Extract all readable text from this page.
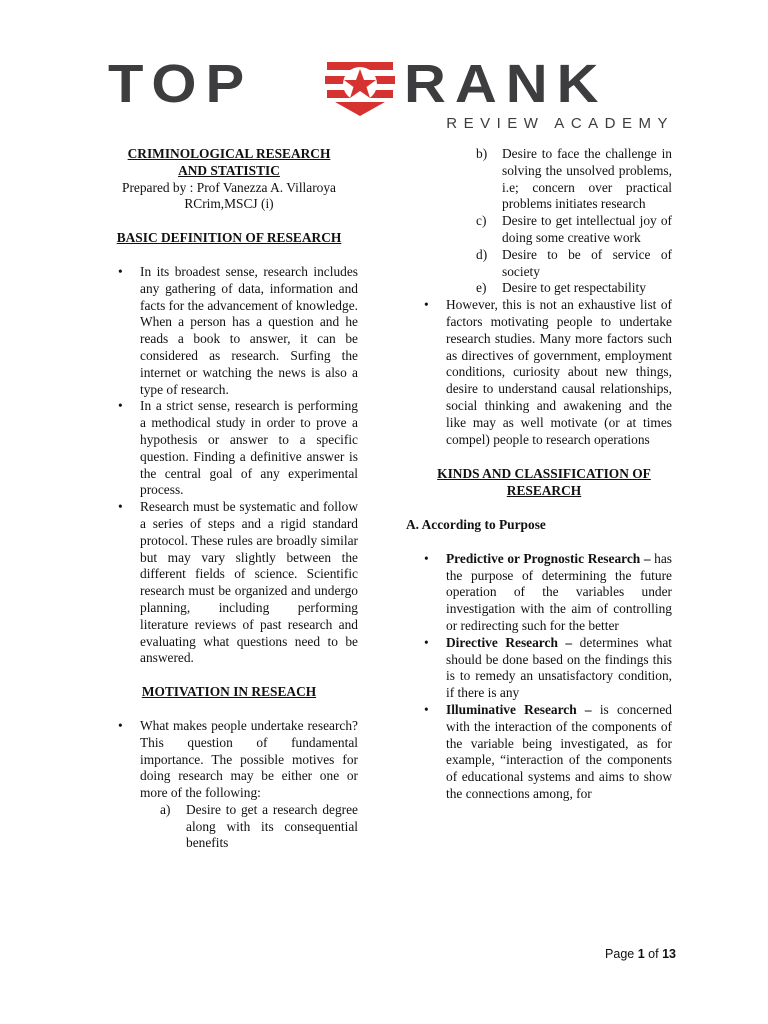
TOP	RANK
REVIEW ACADEMY
CRIMINOLOGICAL RESEARCH
AND STATISTIC
Prepared by : Prof Vanezza A. Villaroya
RCrim,MSCJ (i)
BASIC DEFINITION OF RESEARCH
• In its broadest sense, research includes any gathering of data, information and facts for the advancement of knowledge. When a person has a question and he reads a book to answer, it can be considered as research. Surfing the internet or watching the news is also a type of research.
• In a strict sense, research is performing a methodical study in order to prove a hypothesis or answer to a specific question. Finding a definitive answer is the central goal of any experimental process.
• Research must be systematic and follow a series of steps and a rigid standard protocol. These rules are broadly similar but may vary slightly between the different fields of science. Scientific research must be organized and undergo planning, including performing literature reviews of past research and evaluating what questions need to be answered.
MOTIVATION IN RESEACH
• What makes people undertake research? This question of fundamental importance. The possible motives for doing research may be either one or more of the following:
a) Desire to get a research degree along with its consequential benefits
b) Desire to face the challenge in solving the unsolved problems, i.e; concern over practical problems initiates research
c) Desire to get intellectual joy of doing some creative work
d) Desire to be of service of society
e) Desire to get respectability
• However, this is not an exhaustive list of factors motivating people to undertake research studies. Many more factors such as directives of government, employment conditions, curiosity about new things, desire to understand causal relationships, social thinking and awakening and the like may as well motivate (or at times compel) people to research operations
KINDS AND CLASSIFICATION OF
RESEARCH
A. According to Purpose
• Predictive or Prognostic Research – has the purpose of determining the future operation of the variables under investigation with the aim of controlling or redirecting such for the better
• Directive Research – determines what should be done based on the findings this is to remedy an unsatisfactory condition, if there is any
• Illuminative Research – is concerned with the interaction of the components of the variable being investigated, as for example, “interaction of the components of educational systems and aims to show the connections among, for
Page 1 of 13
